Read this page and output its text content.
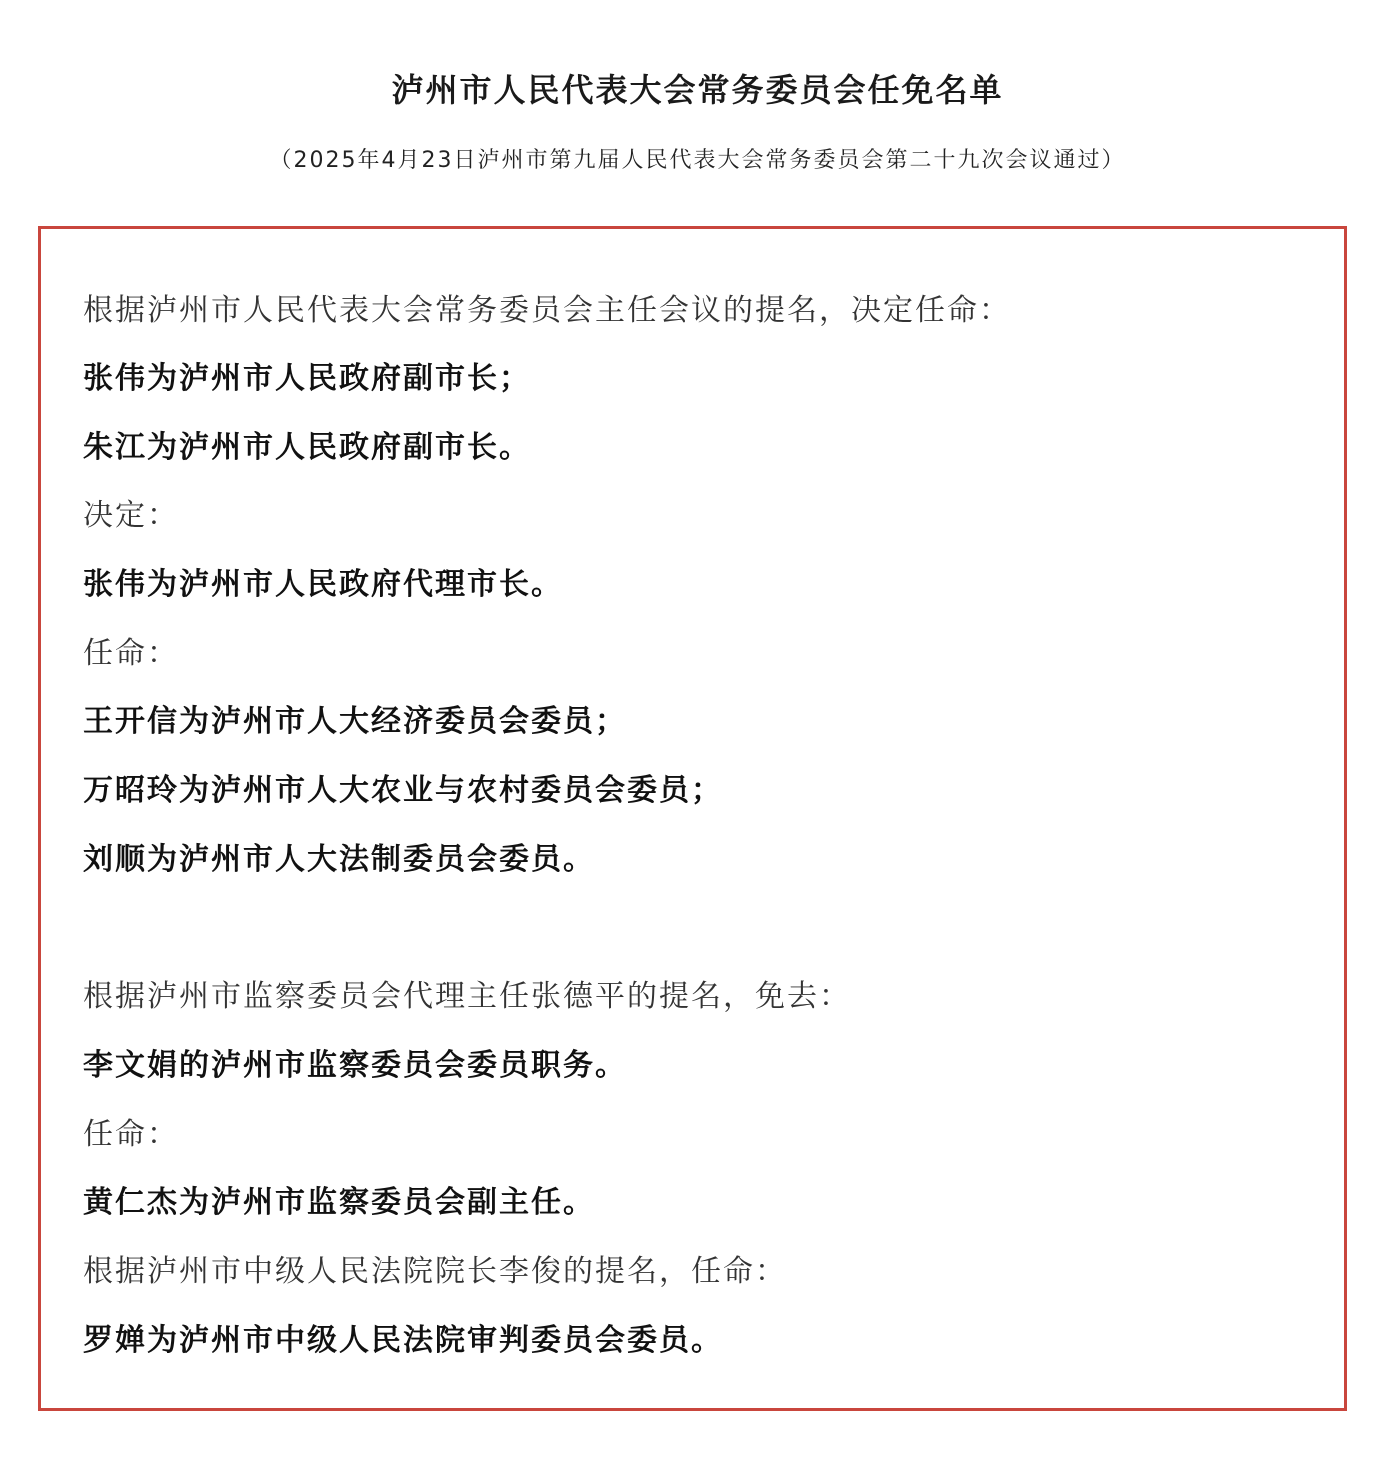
泸州市人民代表大会常务委员会任免名单
（2025年4月23日泸州市第九届人民代表大会常务委员会第二十九次会议通过）

根据泸州市人民代表大会常务委员会主任会议的提名，决定任命：

张伟为泸州市人民政府副市长；

朱江为泸州市人民政府副市长。

决定：

张伟为泸州市人民政府代理市长。

任命：

王开信为泸州市人大经济委员会委员；

万昭玲为泸州市人大农业与农村委员会委员；

刘顺为泸州市人大法制委员会委员。

根据泸州市监察委员会代理主任张德平的提名，免去：

李文娟的泸州市监察委员会委员职务。

任命：

黄仁杰为泸州市监察委员会副主任。

根据泸州市中级人民法院院长李俊的提名，任命：

罗婵为泸州市中级人民法院审判委员会委员。
